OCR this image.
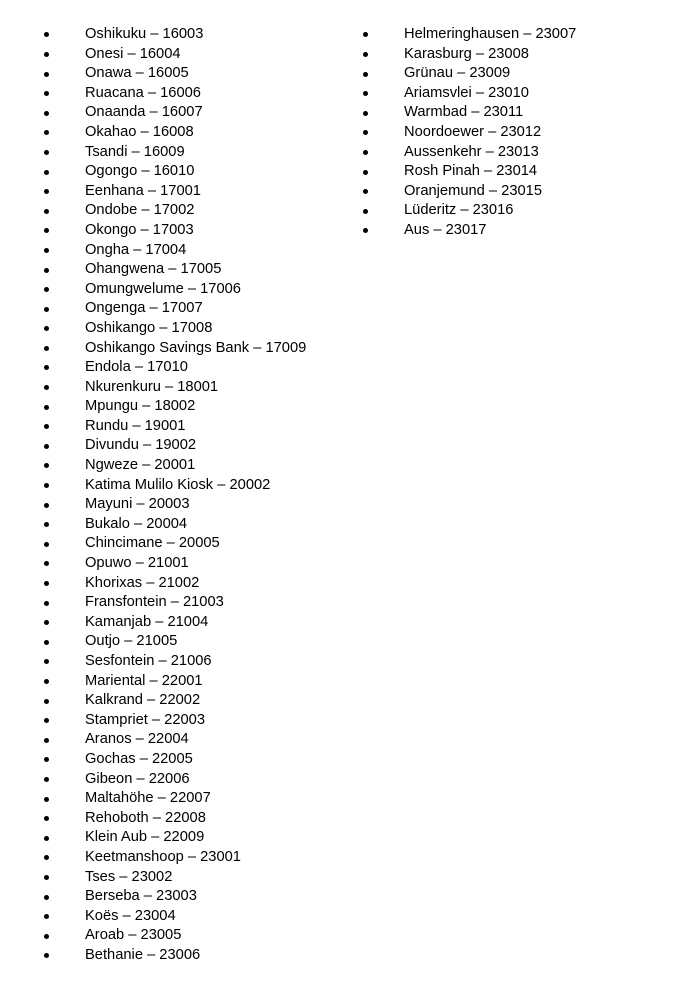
Oshikuku – 16003
Onesi – 16004
Onawa – 16005
Ruacana – 16006
Onaanda – 16007
Okahao – 16008
Tsandi – 16009
Ogongo – 16010
Eenhana – 17001
Ondobe – 17002
Okongo – 17003
Ongha – 17004
Ohangwena – 17005
Omungwelume – 17006
Ongenga – 17007
Oshikango – 17008
Oshikango Savings Bank – 17009
Endola – 17010
Nkurenkuru – 18001
Mpungu – 18002
Rundu – 19001
Divundu – 19002
Ngweze – 20001
Katima Mulilo Kiosk – 20002
Mayuni – 20003
Bukalo – 20004
Chincimane – 20005
Opuwo – 21001
Khorixas – 21002
Fransfontein – 21003
Kamanjab – 21004
Outjo – 21005
Sesfontein – 21006
Mariental – 22001
Kalkrand – 22002
Stampriet – 22003
Aranos – 22004
Gochas – 22005
Gibeon – 22006
Maltahöhe – 22007
Rehoboth – 22008
Klein Aub – 22009
Keetmanshoop – 23001
Tses – 23002
Berseba – 23003
Koës – 23004
Aroab – 23005
Bethanie – 23006
Helmeringhausen – 23007
Karasburg – 23008
Grünau – 23009
Ariamsvlei – 23010
Warmbad – 23011
Noordoewer – 23012
Aussenkehr – 23013
Rosh Pinah – 23014
Oranjemund – 23015
Lüderitz – 23016
Aus – 23017
